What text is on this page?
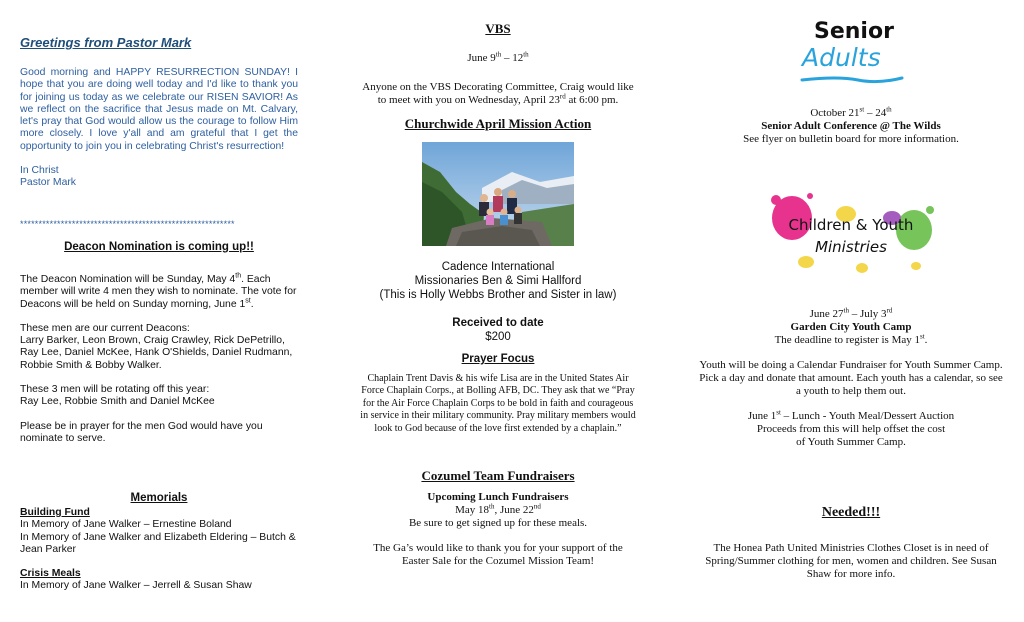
Greetings from Pastor Mark

Good morning and HAPPY RESURRECTION SUNDAY! I hope that you are doing well today and I'd like to thank you for joining us today as we celebrate our RISEN SAVIOR! As we reflect on the sacrifice that Jesus made on Mt. Calvary, let's pray that God would allow us the courage to follow Him more closely. I love y'all and am grateful that I get the opportunity to join you in celebrating Christ's resurrection!

In Christ

Pastor Mark

**********************************************************
Deacon Nomination is coming up!!

The Deacon Nomination will be Sunday, May 4th. Each member will write 4 men they wish to nominate. The vote for Deacons will be held on Sunday morning, June 1st.

These men are our current Deacons:

Larry Barker, Leon Brown, Craig Crawley, Rick DePetrillo, Ray Lee, Daniel McKee, Hank O'Shields, Daniel Rudmann, Robbie Smith & Bobby Walker.

These 3 men will be rotating off this year:

Ray Lee, Robbie Smith and Daniel McKee

Please be in prayer for the men God would have you nominate to serve.

Memorials

Building Fund

In Memory of Jane Walker – Ernestine Boland

In Memory of Jane Walker and Elizabeth Eldering – Butch & Jean Parker

Crisis Meals

In Memory of Jane Walker – Jerrell & Susan Shaw

VBS
June 9th – 12th
Anyone on the VBS Decorating Committee, Craig would like to meet with you on Wednesday, April 23rd at 6:00 pm.
Churchwide April Mission Action

Cadence International

Missionaries Ben & Simi Hallford

(This is Holly Webbs Brother and Sister in law)

Received to date

$200

Prayer Focus
Chaplain Trent Davis & his wife Lisa are in the United States Air Force Chaplain Corps., at Bolling AFB, DC. They ask that we “Pray for the Air Force Chaplain Corps to be bold in faith and courageous in service in their military community. Pray military members would look to God because of the love first extended by a chaplain.”
Cozumel Team Fundraisers

Upcoming Lunch Fundraisers

May 18th, June 22nd

Be sure to get signed up for these meals.

The Ga’s would like to thank you for your support of the Easter Sale for the Cozumel Mission Team!

Senior
Adults

October 21st – 24th

Senior Adult Conference @ The Wilds

See flyer on bulletin board for more information.

Children & Youth
Ministries

June 27th – July 3rd

Garden City Youth Camp

The deadline to register is May 1st.

Youth will be doing a Calendar Fundraiser for Youth Summer Camp. Pick a day and donate that amount. Each youth has a calendar, so see a youth to help them out.

June 1st – Lunch - Youth Meal/Dessert Auction

Proceeds from this will help offset the cost of Youth Summer Camp.

Needed!!!
The Honea Path United Ministries Clothes Closet is in need of Spring/Summer clothing for men, women and children. See Susan Shaw for more info.
